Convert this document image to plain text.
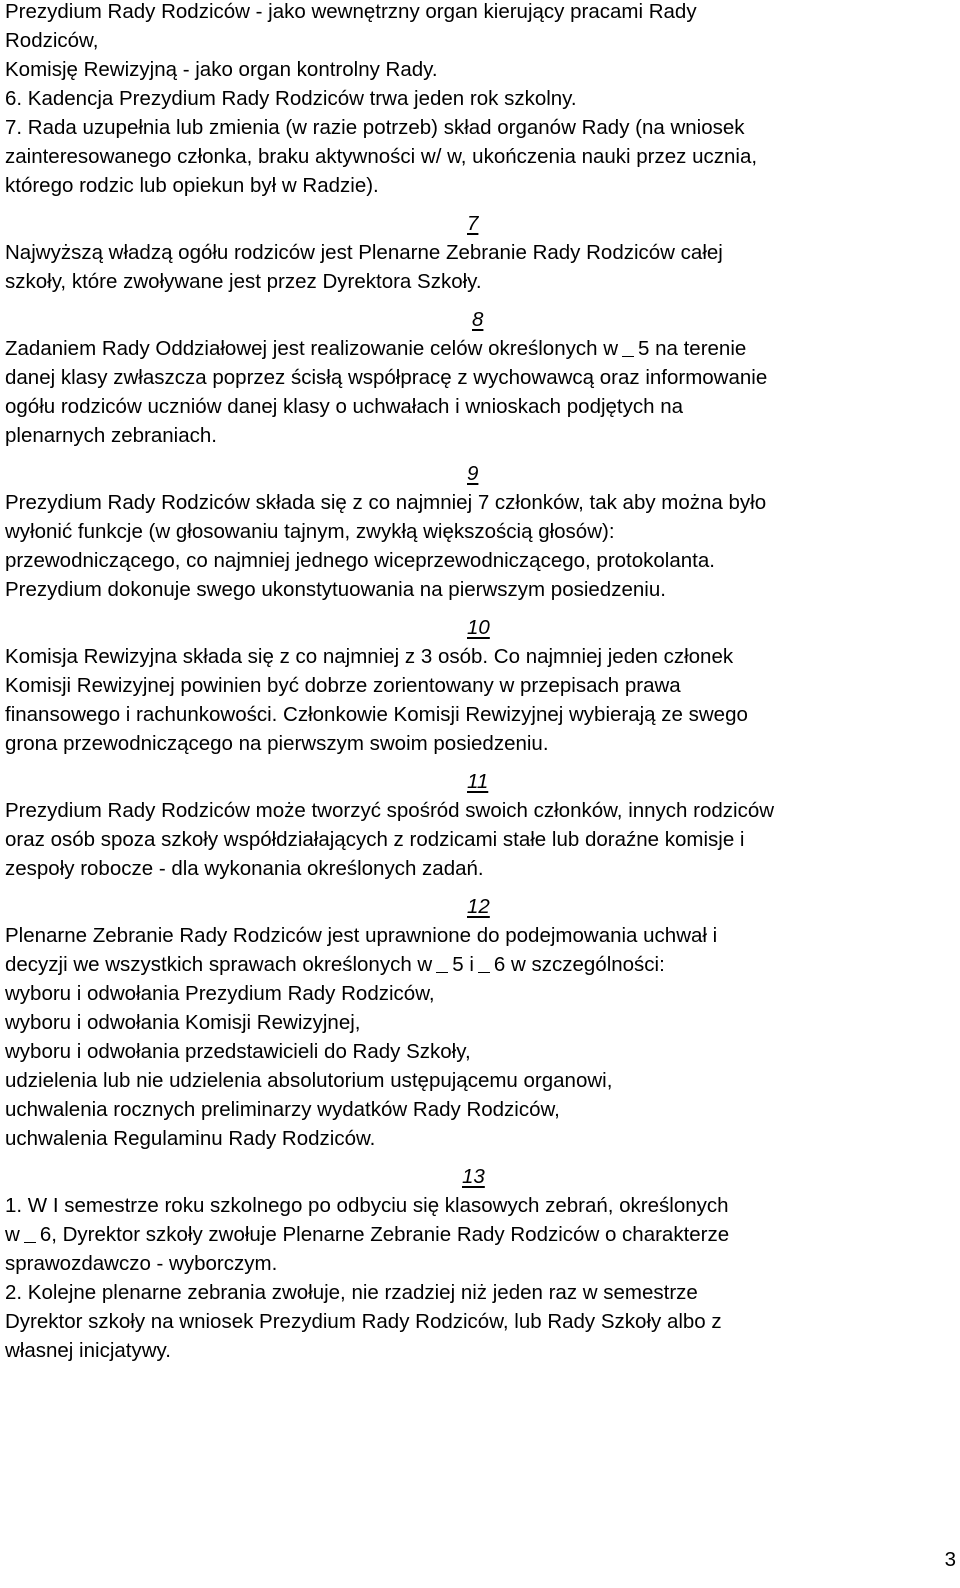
Prezydium Rady Rodziców - jako wewnętrzny organ kierujący pracami Rady
Rodziców,
Komisję Rewizyjną - jako organ kontrolny Rady.
6. Kadencja Prezydium Rady Rodziców trwa jeden rok szkolny.
7. Rada uzupełnia lub zmienia (w razie potrzeb) skład organów Rady (na wniosek
zainteresowanego członka, braku aktywności w/ w, ukończenia nauki przez ucznia,
którego rodzic lub opiekun był w Radzie).
7
Najwyższą władzą ogółu rodziców jest Plenarne Zebranie Rady Rodziców całej
szkoły, które zwoływane jest przez Dyrektora Szkoły.
8
Zadaniem Rady Oddziałowej jest realizowanie celów określonych w 5 na terenie
danej klasy zwłaszcza poprzez ścisłą współpracę z wychowawcą oraz informowanie
ogółu rodziców uczniów danej klasy o uchwałach i wnioskach podjętych na
plenarnych zebraniach.
9
Prezydium Rady Rodziców składa się z co najmniej 7 członków, tak aby można było
wyłonić funkcje (w głosowaniu tajnym, zwykłą większością głosów):
przewodniczącego, co najmniej jednego wiceprzewodniczącego, protokolanta.
Prezydium dokonuje swego ukonstytuowania na pierwszym posiedzeniu.
10
Komisja Rewizyjna składa się z co najmniej z 3 osób. Co najmniej jeden członek
Komisji Rewizyjnej powinien być dobrze zorientowany w przepisach prawa
finansowego i rachunkowości. Członkowie Komisji Rewizyjnej wybierają ze swego
grona przewodniczącego na pierwszym swoim posiedzeniu.
11
Prezydium Rady Rodziców może tworzyć spośród swoich członków, innych rodziców
oraz osób spoza szkoły współdziałających z rodzicami stałe lub doraźne komisje i
zespoły robocze - dla wykonania określonych zadań.
12
Plenarne Zebranie Rady Rodziców jest uprawnione do podejmowania uchwał i
decyzji we wszystkich sprawach określonych w 5 i 6 w szczególności:
wyboru i odwołania Prezydium Rady Rodziców,
wyboru i odwołania Komisji Rewizyjnej,
wyboru i odwołania przedstawicieli do Rady Szkoły,
udzielenia lub nie udzielenia absolutorium ustępującemu organowi,
uchwalenia rocznych preliminarzy wydatków Rady Rodziców,
uchwalenia Regulaminu Rady Rodziców.
13
1. W I semestrze roku szkolnego po odbyciu się klasowych zebrań, określonych
w 6, Dyrektor szkoły zwołuje Plenarne Zebranie Rady Rodziców o charakterze
sprawozdawczo - wyborczym.
2. Kolejne plenarne zebrania zwołuje, nie rzadziej niż jeden raz w semestrze
Dyrektor szkoły na wniosek Prezydium Rady Rodziców, lub Rady Szkoły albo z
własnej inicjatywy.
3
